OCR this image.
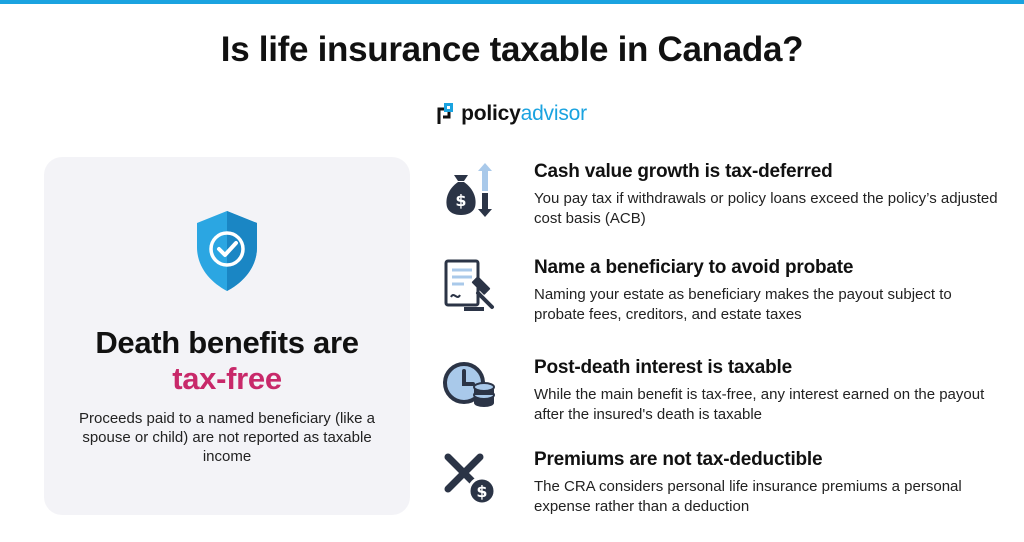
Is life insurance taxable in Canada?
policyadvisor
Death benefits are
tax-free

Proceeds paid to a named beneficiary (like a spouse or child) are not reported as taxable income

$
Cash value growth is tax-deferred
You pay tax if withdrawals or policy loans exceed the policy’s adjusted cost basis (ACB)
Name a beneficiary to avoid probate
Naming your estate as beneficiary makes the payout subject to probate fees, creditors, and estate taxes
Post-death interest is taxable
While the main benefit is tax-free, any interest earned on the payout after the insured's death is taxable
$
Premiums are not tax-deductible
The CRA considers personal life insurance premiums a personal expense rather than a deduction
